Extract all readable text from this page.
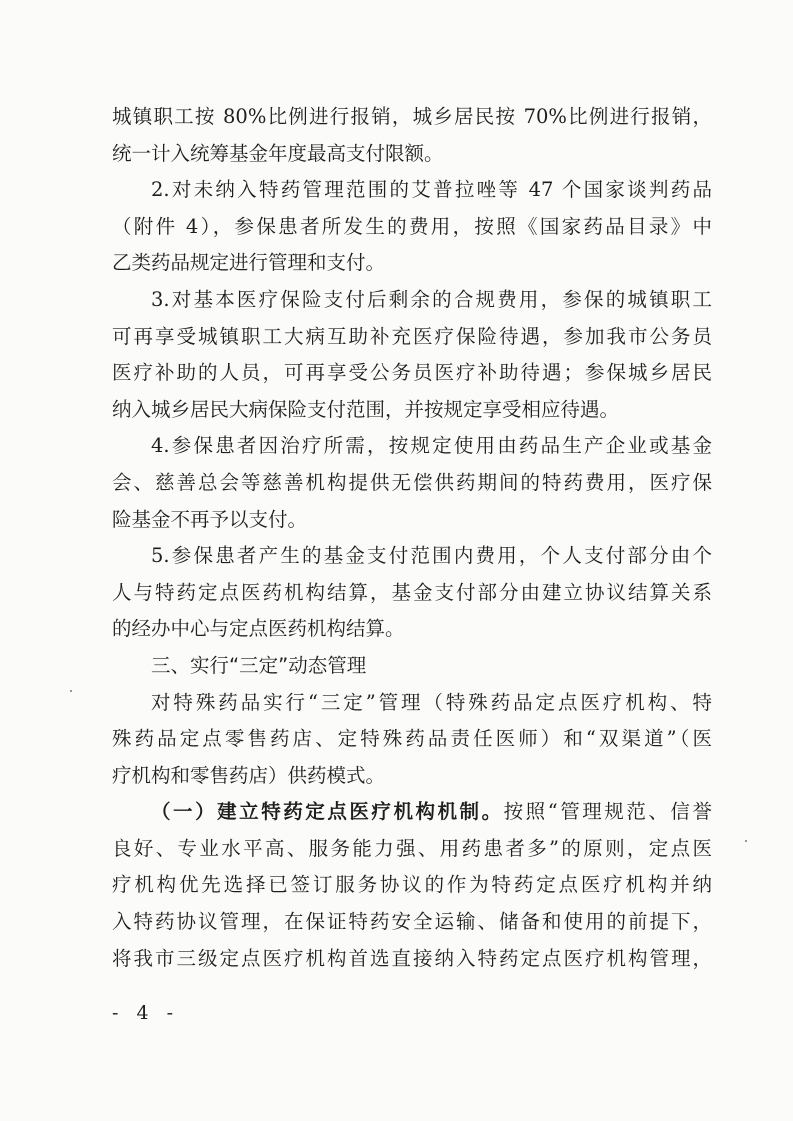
城镇职工按 80%比例进行报销，城乡居民按 70%比例进行报销，
统一计入统筹基金年度最高支付限额。
2.对未纳入特药管理范围的艾普拉唑等 47 个国家谈判药品
（附件 4），参保患者所发生的费用，按照《国家药品目录》中
乙类药品规定进行管理和支付。
3.对基本医疗保险支付后剩余的合规费用，参保的城镇职工
可再享受城镇职工大病互助补充医疗保险待遇，参加我市公务员
医疗补助的人员，可再享受公务员医疗补助待遇；参保城乡居民
纳入城乡居民大病保险支付范围，并按规定享受相应待遇。
4.参保患者因治疗所需，按规定使用由药品生产企业或基金
会、慈善总会等慈善机构提供无偿供药期间的特药费用，医疗保
险基金不再予以支付。
5.参保患者产生的基金支付范围内费用，个人支付部分由个
人与特药定点医药机构结算，基金支付部分由建立协议结算关系
的经办中心与定点医药机构结算。
三、实行“三定”动态管理
对特殊药品实行“三定”管理（特殊药品定点医疗机构、特
殊药品定点零售药店、定特殊药品责任医师）和“双渠道”（医
疗机构和零售药店）供药模式。
（一）建立特药定点医疗机构机制。按照“管理规范、信誉
良好、专业水平高、服务能力强、用药患者多”的原则，定点医
疗机构优先选择已签订服务协议的作为特药定点医疗机构并纳
入特药协议管理，在保证特药安全运输、储备和使用的前提下，
将我市三级定点医疗机构首选直接纳入特药定点医疗机构管理，
- 4 -
